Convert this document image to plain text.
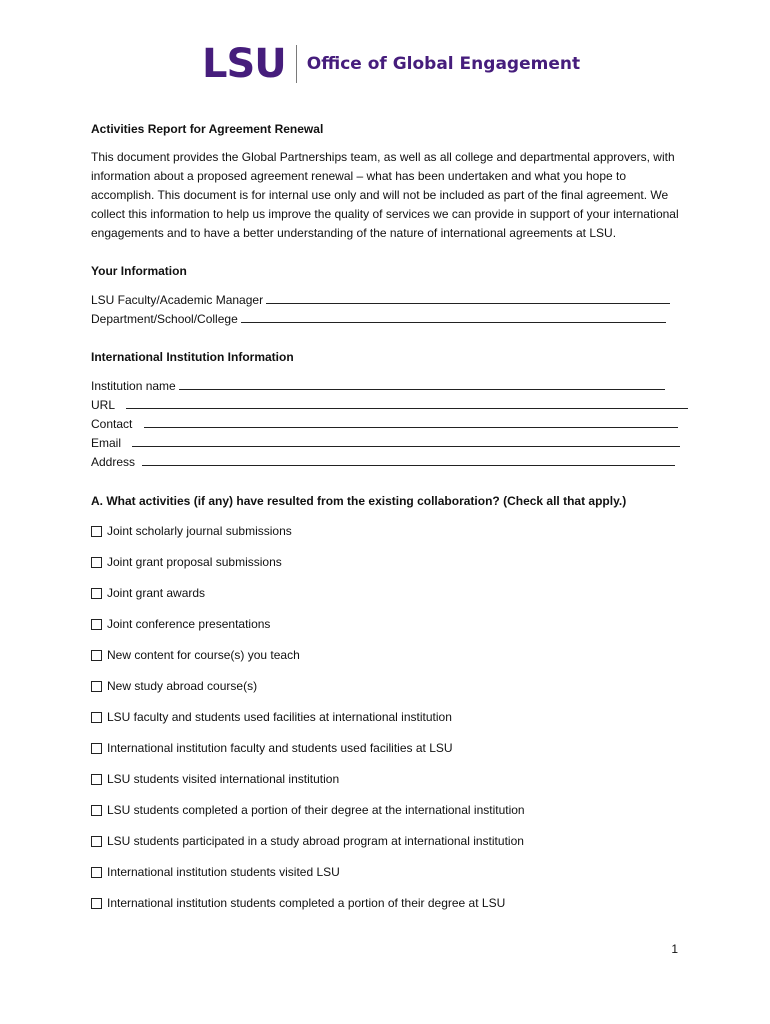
LSU Office of Global Engagement

Activities Report for Agreement Renewal

This document provides the Global Partnerships team, as well as all college and departmental approvers, with information about a proposed agreement renewal – what has been undertaken and what you hope to accomplish. This document is for internal use only and will not be included as part of the final agreement. We collect this information to help us improve the quality of services we can provide in support of your international engagements and to have a better understanding of the nature of international agreements at LSU.

Your Information

LSU Faculty/Academic Manager
Department/School/College

International Institution Information

Institution name
URL
Contact
Email
Address

A. What activities (if any) have resulted from the existing collaboration? (Check all that apply.)

Joint scholarly journal submissions
Joint grant proposal submissions
Joint grant awards
Joint conference presentations
New content for course(s) you teach
New study abroad course(s)
LSU faculty and students used facilities at international institution
International institution faculty and students used facilities at LSU
LSU students visited international institution
LSU students completed a portion of their degree at the international institution
LSU students participated in a study abroad program at international institution
International institution students visited LSU
International institution students completed a portion of their degree at LSU
1
